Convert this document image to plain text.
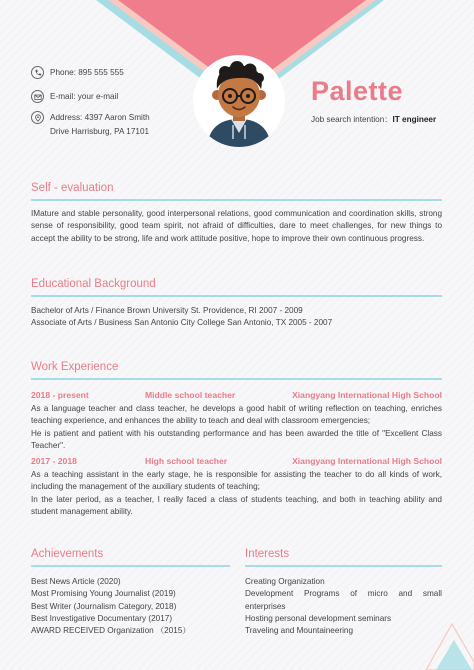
Phone: 895 555 555
E-mail: your e-mail
Address: 4397 Aaron Smith
Drive Harrisburg, PA 17101
Palette
Job search intention：IT engineer
Self - evaluation
IMature and stable personality, good interpersonal relations, good communication and coordination skills, strong sense of responsibility, good team spirit, not afraid of difficulties, dare to meet challenges, for new things to accept the ability to be strong, life and work attitude positive, hope to improve their own continuous progress.
Educational Background
Bachelor of Arts / Finance Brown University St. Providence, RI 2007 - 2009
Associate of Arts / Business San Antonio City College San Antonio, TX 2005 - 2007
Work Experience
2018 - present	Middle school teacher	Xiangyang International High School
As a language teacher and class teacher, he develops a good habit of writing reflection on teaching, enriches teaching experience, and enhances the ability to teach and deal with classroom emergencies;
He is patient and patient with his outstanding performance and has been awarded the title of "Excellent Class Teacher".
2017 - 2018	High school teacher	Xiangyang International High School
As a teaching assistant in the early stage, he is responsible for assisting the teacher to do all kinds of work, including the management of the auxiliary students of teaching;
In the later period, as a teacher, I really faced a class of students teaching, and both in teaching ability and student management ability.
Achievements
Best News Article (2020)
Most Promising Young Journalist (2019)
Best Writer (Journalism Category, 2018)
Best Investigative Documentary (2017)
AWARD RECEIVED Organization （2015）
Interests
Creating Organization
Development Programs of micro and small enterprises
Hosting personal development seminars
Traveling and Mountaineering
